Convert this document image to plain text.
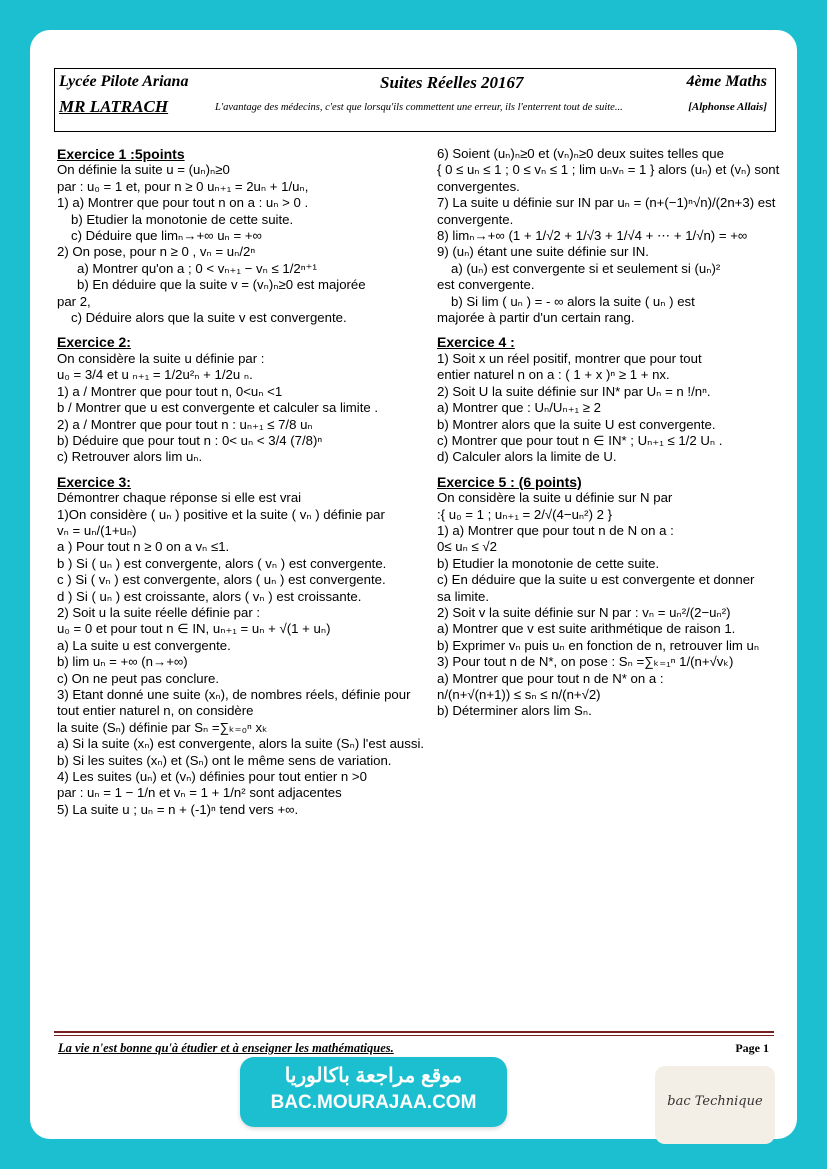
Lycée Pilote Ariana
MR LATRACH
Suites Réelles 20167	4ème Maths
L'avantage des médecins, c'est que lorsqu'ils commettent une erreur, ils l'enterrent tout de suite...	[Alphonse Allais]
Exercice 1 :5points
On définie la suite u = (uₙ)ₙ≥0
par : u₀ = 1 et, pour n ≥ 0 uₙ₊₁ = 2uₙ + 1/uₙ,
1) a) Montrer que pour tout n on a : uₙ > 0 .
b) Etudier la monotonie de cette suite.
c) Déduire que limₙ→+∞ uₙ = +∞
2) On pose, pour n ≥ 0 , vₙ = uₙ/2ⁿ
a) Montrer qu'on a ; 0 < vₙ₊₁ − vₙ ≤ 1/2ⁿ⁺¹
b) En déduire que la suite v = (vₙ)ₙ≥0 est majorée
par 2,
c) Déduire alors que la suite v est convergente.
Exercice 2:
On considère la suite u définie par :
u₀ = 3/4 et u ₙ₊₁ = 1/2u²ₙ + 1/2u ₙ.
1) a / Montrer que pour tout n, 0<uₙ <1
b / Montrer que u est convergente et calculer sa limite .
2) a / Montrer que pour tout n : uₙ₊₁ ≤ 7/8 uₙ
b) Déduire que pour tout n : 0< uₙ < 3/4 (7/8)ⁿ
c) Retrouver alors lim uₙ.
Exercice 3:
Démontrer chaque réponse si elle est vrai
1)On considère ( uₙ ) positive et la suite ( vₙ ) définie par
vₙ = uₙ/(1+uₙ)
a ) Pour tout n ≥ 0 on a vₙ ≤1.
b ) Si ( uₙ ) est convergente, alors ( vₙ ) est convergente.
c ) Si ( vₙ ) est convergente, alors ( uₙ ) est convergente.
d ) Si ( uₙ ) est croissante, alors ( vₙ ) est croissante.
2) Soit u la suite réelle définie par :
u₀ = 0 et pour tout n ∈ IN, uₙ₊₁ = uₙ + √(1 + uₙ)
a) La suite u est convergente.
b) lim uₙ = +∞ (n→+∞)
c) On ne peut pas conclure.
3) Etant donné une suite (xₙ), de nombres réels, définie pour tout entier naturel n, on considère
la suite (Sₙ) définie par Sₙ =∑ₖ₌₀ⁿ xₖ
a) Si la suite (xₙ) est convergente, alors la suite (Sₙ) l'est aussi.
b) Si les suites (xₙ) et (Sₙ) ont le même sens de variation.
4) Les suites (uₙ) et (vₙ) définies pour tout entier n >0
par : uₙ = 1 − 1/n et vₙ = 1 + 1/n² sont adjacentes
5) La suite u ; uₙ = n + (-1)ⁿ tend vers +∞.
6) Soient (uₙ)ₙ≥0 et (vₙ)ₙ≥0 deux suites telles que
{ 0 ≤ uₙ ≤ 1 ; 0 ≤ vₙ ≤ 1 ; lim uₙvₙ = 1 } alors (uₙ) et (vₙ) sont
convergentes.
7) La suite u définie sur IN par uₙ = (n+(−1)ⁿ√n)/(2n+3) est
convergente.
8) limₙ→+∞ (1 + 1/√2 + 1/√3 + 1/√4 + ⋯ + 1/√n) = +∞
9) (uₙ) étant une suite définie sur IN.
a) (uₙ) est convergente si et seulement si (uₙ)²
est convergente.
b) Si lim ( uₙ ) = - ∞ alors la suite ( uₙ ) est
majorée à partir d'un certain rang.
Exercice 4 :
1) Soit x un réel positif, montrer que pour tout
entier naturel n on a : ( 1 + x )ⁿ ≥ 1 + nx.
2) Soit U la suite définie sur IN* par Uₙ = n !/nⁿ.
a) Montrer que : Uₙ/Uₙ₊₁ ≥ 2
b) Montrer alors que la suite U est convergente.
c) Montrer que pour tout n ∈ IN* ; Uₙ₊₁ ≤ 1/2 Uₙ .
d) Calculer alors la limite de U.
Exercice 5 : (6 points)
On considère la suite u définie sur N par
:{ u₀ = 1 ; uₙ₊₁ = 2/√(4−uₙ²) 2 }
1) a) Montrer que pour tout n de N on a :
0≤ uₙ ≤ √2
b) Etudier la monotonie de cette suite.
c) En déduire que la suite u est convergente et donner sa limite.
2) Soit v la suite définie sur N par : vₙ = uₙ²/(2−uₙ²)
a) Montrer que v est suite arithmétique de raison 1.
b) Exprimer vₙ puis uₙ en fonction de n, retrouver lim uₙ
3) Pour tout n de N*, on pose : Sₙ =∑ₖ₌₁ⁿ 1/(n+√vₖ)
a) Montrer que pour tout n de N* on a :
n/(n+√(n+1)) ≤ sₙ ≤ n/(n+√2)
b) Déterminer alors lim Sₙ.
La vie n'est bonne qu'à étudier et à enseigner les mathématiques.	Page 1
موقع مراجعة باكالوريا
BAC.MOURAJAA.COM	bac Technique
